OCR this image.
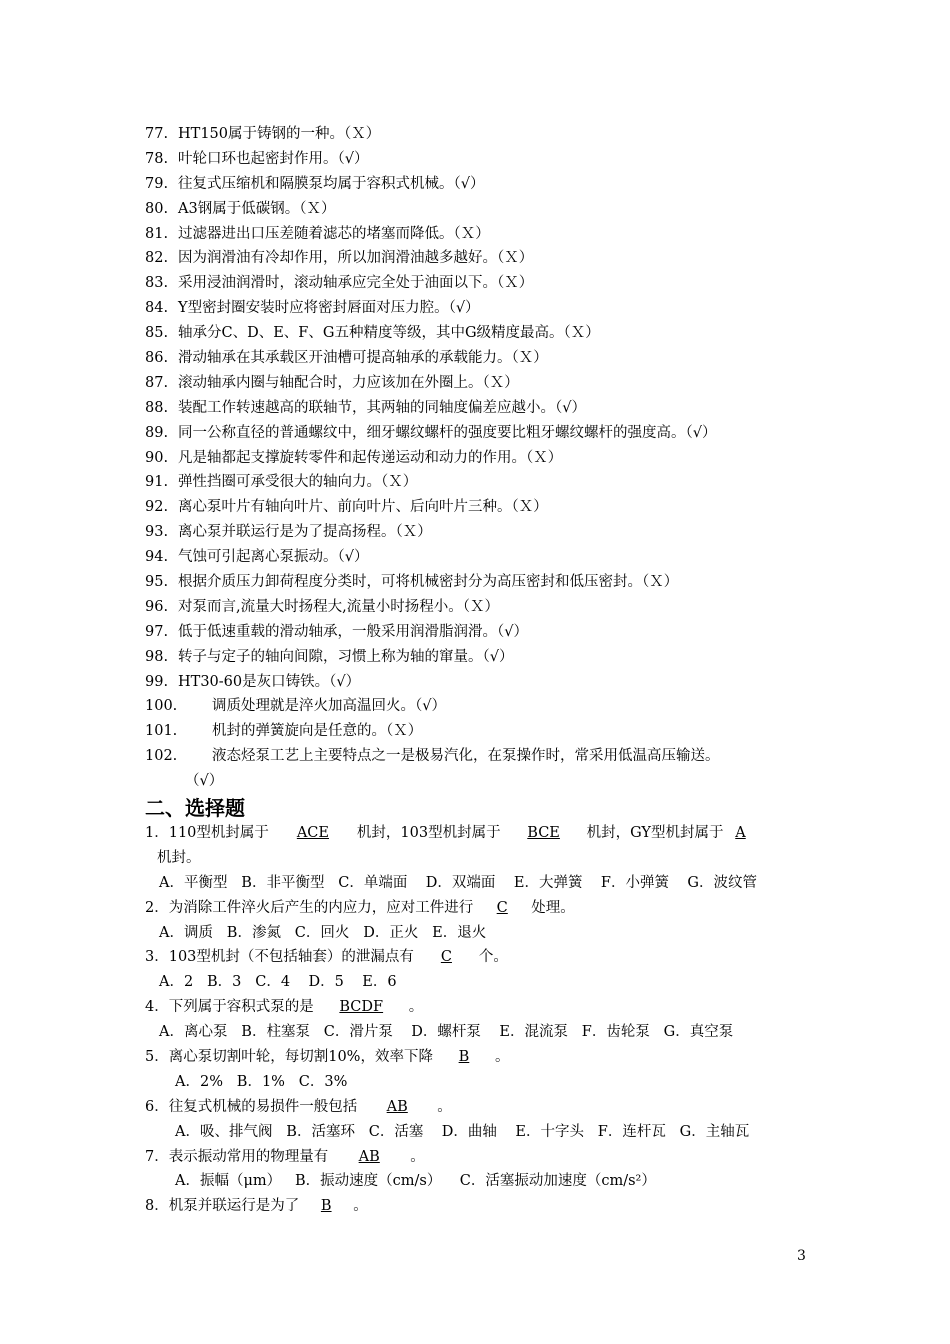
77. HT150属于铸钢的一种。（Ｘ）
78. 叶轮口环也起密封作用。（√）
79. 往复式压缩机和隔膜泵均属于容积式机械。（√）
80. A3钢属于低碳钢。（Ｘ）
81. 过滤器进出口压差随着滤芯的堵塞而降低。（Ｘ）
82. 因为润滑油有冷却作用，所以加润滑油越多越好。（Ｘ）
83. 采用浸油润滑时，滚动轴承应完全处于油面以下。（Ｘ）
84. Y型密封圈安装时应将密封唇面对压力腔。（√）
85. 轴承分C、D、E、F、G五种精度等级，其中G级精度最高。（Ｘ）
86. 滑动轴承在其承载区开油槽可提高轴承的承载能力。（Ｘ）
87. 滚动轴承内圈与轴配合时，力应该加在外圈上。（Ｘ）
88. 装配工作转速越高的联轴节，其两轴的同轴度偏差应越小。（√）
89. 同一公称直径的普通螺纹中，细牙螺纹螺杆的强度要比粗牙螺纹螺杆的强度高。（√）
90. 凡是轴都起支撑旋转零件和起传递运动和动力的作用。（Ｘ）
91. 弹性挡圈可承受很大的轴向力。（Ｘ）
92. 离心泵叶片有轴向叶片、前向叶片、后向叶片三种。（Ｘ）
93. 离心泵并联运行是为了提高扬程。（Ｘ）
94. 气蚀可引起离心泵振动。（√）
95. 根据介质压力卸荷程度分类时，可将机械密封分为高压密封和低压密封。（Ｘ）
96. 对泵而言,流量大时扬程大,流量小时扬程小。（Ｘ）
97. 低于低速重载的滑动轴承，一般采用润滑脂润滑。（√）
98. 转子与定子的轴向间隙，习惯上称为轴的窜量。（√）
99. HT30-60是灰口铸铁。（√）
100. 调质处理就是淬火加高温回火。（√）
101. 机封的弹簧旋向是任意的。（Ｘ）
102. 液态烃泵工艺上主要特点之一是极易汽化，在泵操作时，常采用低温高压输送。
（√）
二、选择题
1．110型机封属于 ACE 机封，103型机封属于 BCE 机封，GY型机封属于 A
机封。
A．平衡型   B．非平衡型   C．单端面    D．双端面    E．大弹簧    F．小弹簧    G．波纹管
2．为消除工件淬火后产生的内应力，应对工件进行 C 处理。
A．调质   B．渗氮   C．回火   D．正火   E．退火
3．103型机封（不包括轴套）的泄漏点有 C 个。
A．2   B．3   C．4    D．5    E．6
4．下列属于容积式泵的是 BCDF 。
A．离心泵   B．柱塞泵   C．滑片泵    D．螺杆泵    E．混流泵   F．齿轮泵   G．真空泵
5．离心泵切割叶轮，每切割10%，效率下降 B 。
A．2%   B．1%   C．3%
6．往复式机械的易损件一般包括 AB 。
A．吸、排气阀   B．活塞环   C．活塞    D．曲轴    E．十字头   F．连杆瓦   G．主轴瓦
7．表示振动常用的物理量有 AB 。
A．振幅（μm）   B．振动速度（cm/s）    C．活塞振动加速度（cm/s²）
8．机泵并联运行是为了 B 。
3
